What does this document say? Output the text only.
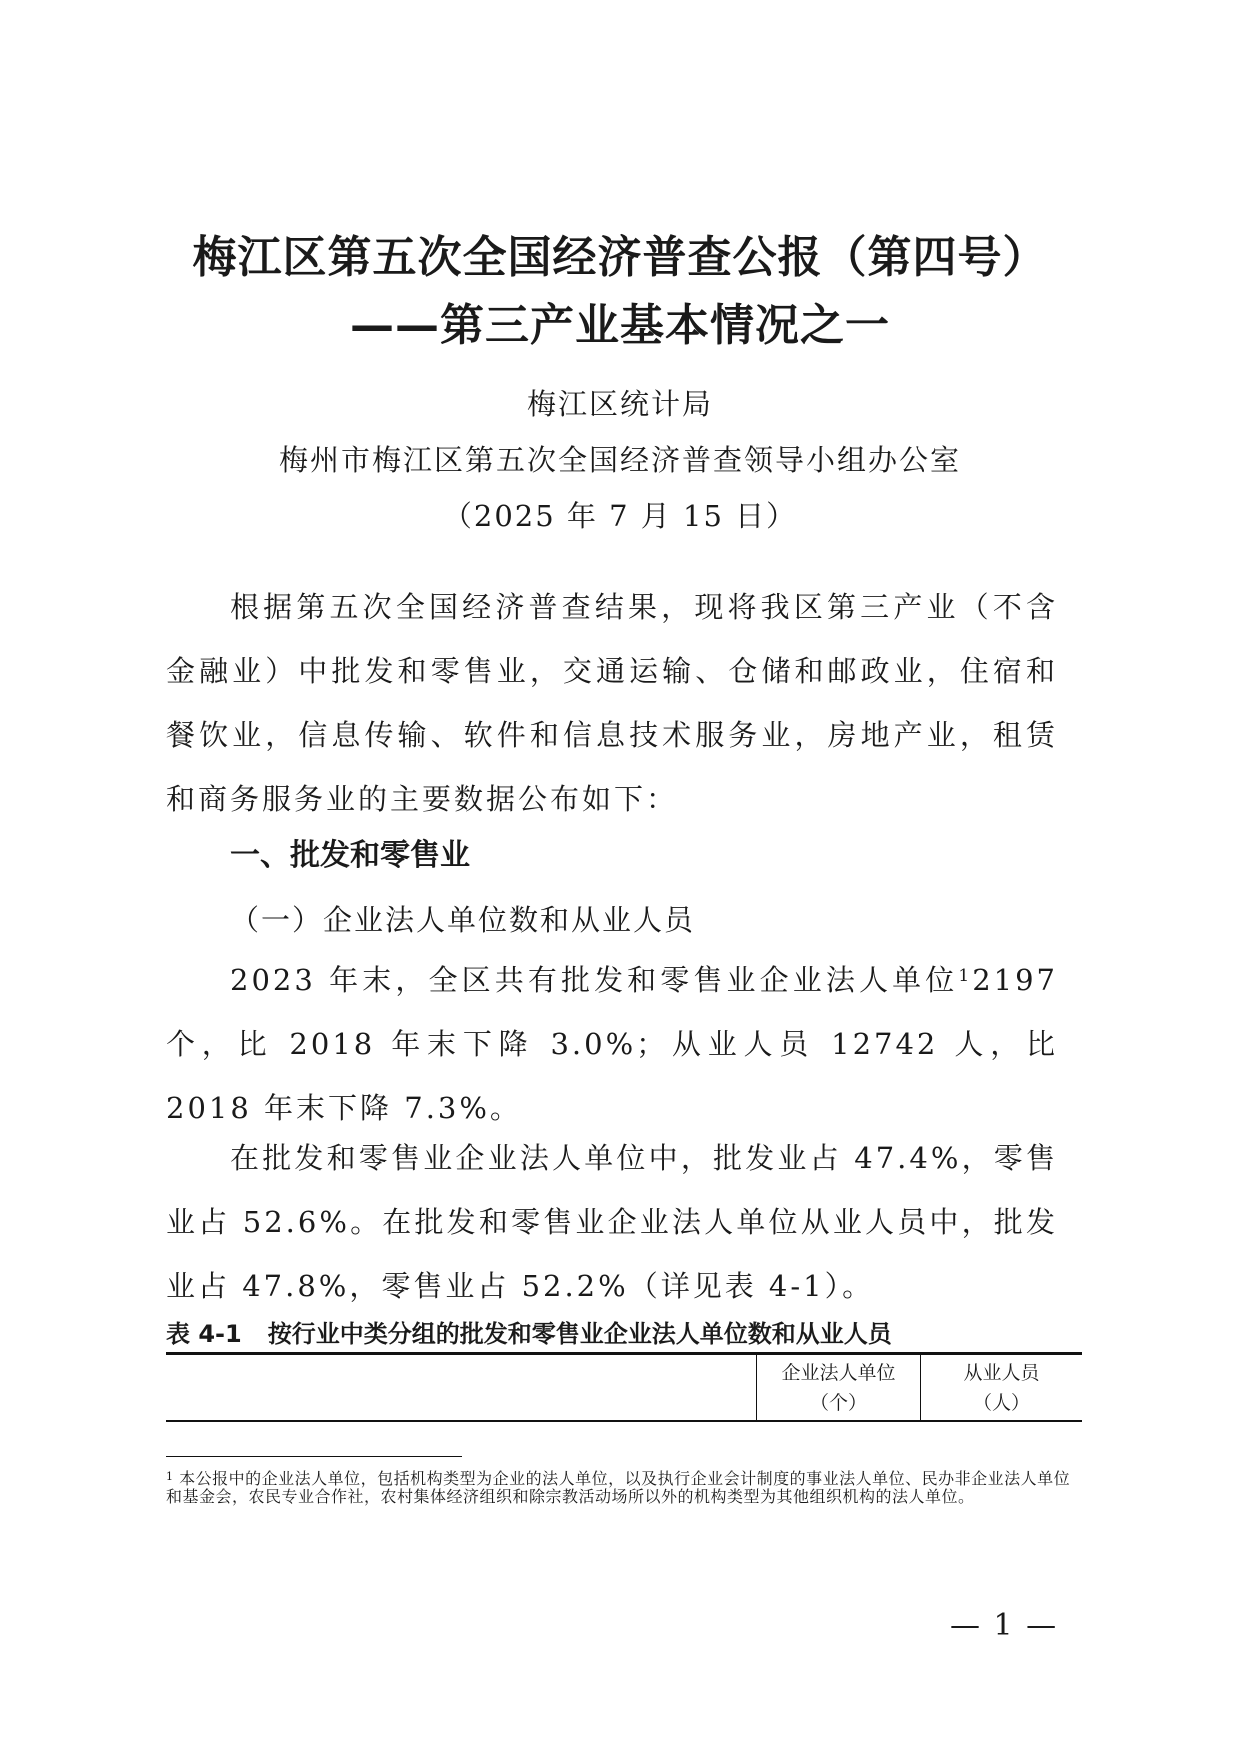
梅江区第五次全国经济普查公报（第四号）
——第三产业基本情况之一
梅江区统计局
梅州市梅江区第五次全国经济普查领导小组办公室
（2025 年 7 月 15 日）
根据第五次全国经济普查结果，现将我区第三产业（不含金融业）中批发和零售业，交通运输、仓储和邮政业，住宿和餐饮业，信息传输、软件和信息技术服务业，房地产业，租赁和商务服务业的主要数据公布如下：
一、批发和零售业
（一）企业法人单位数和从业人员
2023 年末，全区共有批发和零售业企业法人单位$^1$2197 个，比 2018 年末下降 3.0%；从业人员 12742 人，比 2018 年末下降 7.3%。
在批发和零售业企业法人单位中，批发业占 47.4%，零售业占 52.6%。在批发和零售业企业法人单位从业人员中，批发业占 47.8%，零售业占 52.2%（详见表 4-1）。
表 4-1 按行业中类分组的批发和零售业企业法人单位数和从业人员
企业法人单位
（个）
从业人员
（人）
$^1$ 本公报中的企业法人单位，包括机构类型为企业的法人单位，以及执行企业会计制度的事业法人单位、民办非企业法人单位和基金会，农民专业合作社，农村集体经济组织和除宗教活动场所以外的机构类型为其他组织机构的法人单位。
— 1 —
